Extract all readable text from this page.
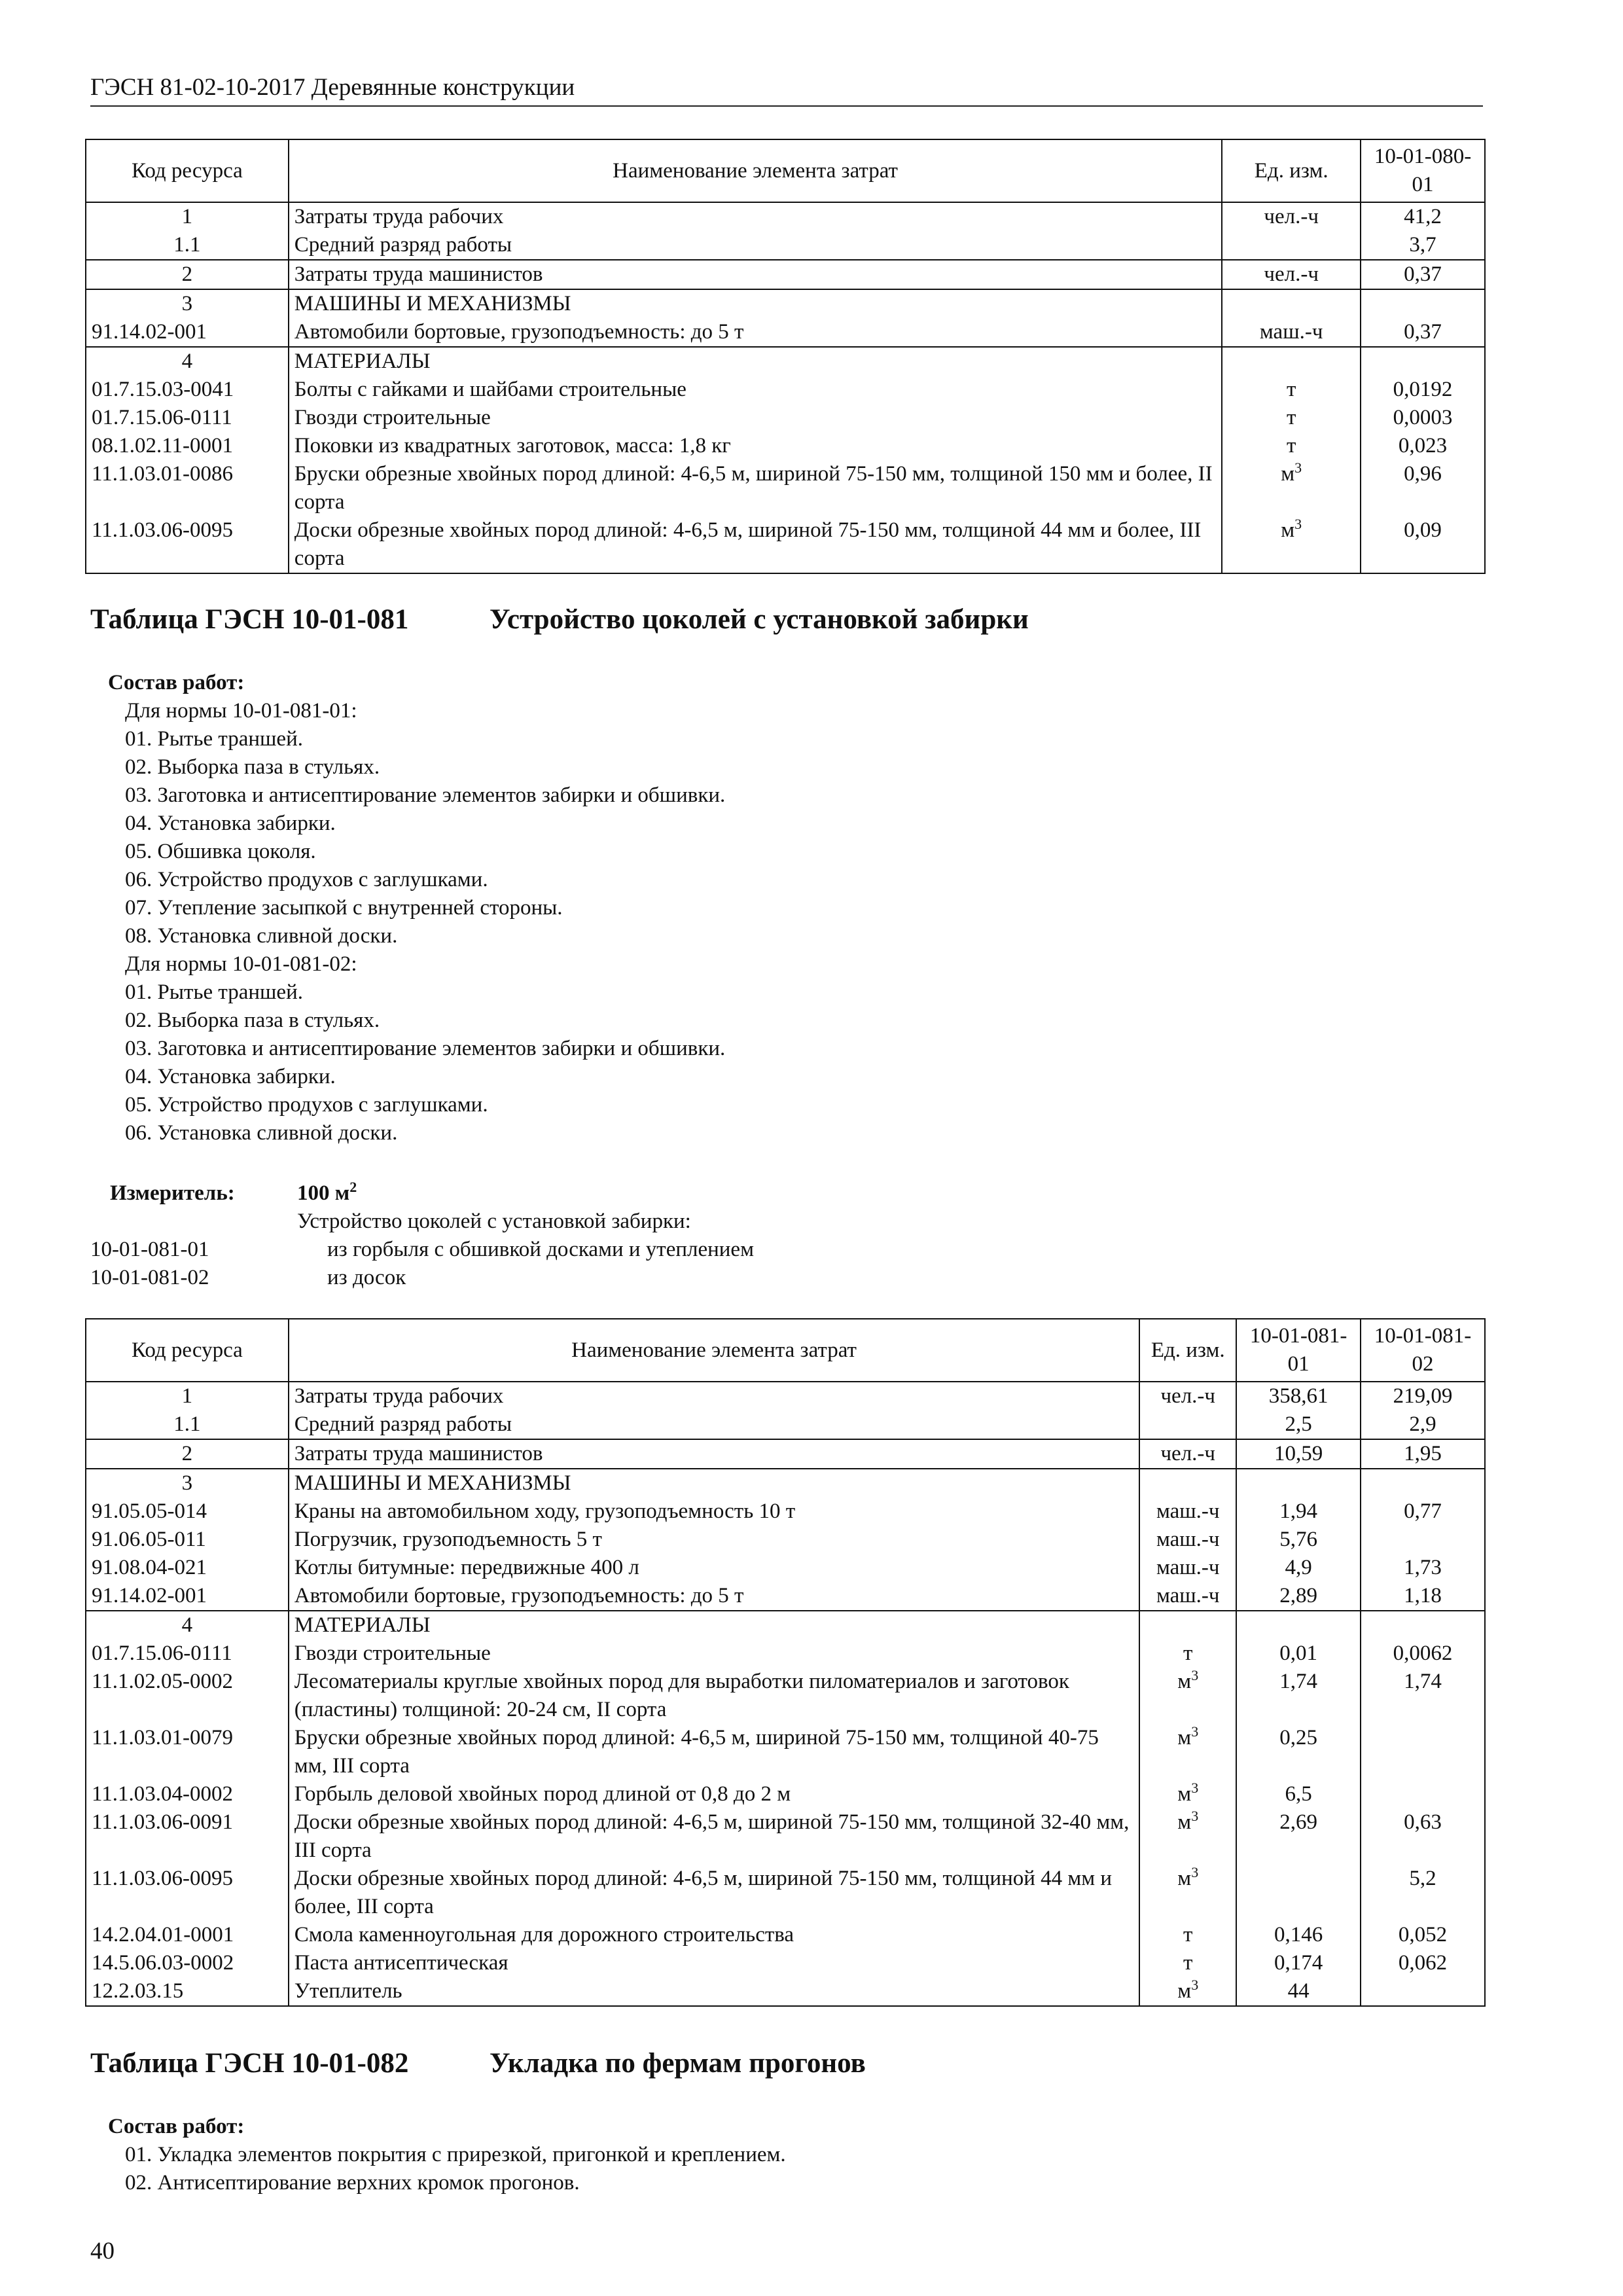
ГЭСН 81-02-10-2017 Деревянные конструкции
Код ресурса	Наименование элемента затрат	Ед. изм.	10-01-080-01
1	Затраты труда рабочих	чел.-ч	41,2
1.1	Средний разряд работы		3,7
2	Затраты труда машинистов	чел.-ч	0,37
3	МАШИНЫ И МЕХАНИЗМЫ		
91.14.02-001	Автомобили бортовые, грузоподъемность: до 5 т	маш.-ч	0,37
4	МАТЕРИАЛЫ		
01.7.15.03-0041	Болты с гайками и шайбами строительные	т	0,0192
01.7.15.06-0111	Гвозди строительные	т	0,0003
08.1.02.11-0001	Поковки из квадратных заготовок, масса: 1,8 кг	т	0,023
11.1.03.01-0086	Бруски обрезные хвойных пород длиной: 4-6,5 м, шириной 75-150 мм, толщиной 150 мм и более, II сорта	$м^3$	0,96
11.1.03.06-0095	Доски обрезные хвойных пород длиной: 4-6,5 м, шириной 75-150 мм, толщиной 44 мм и более, III сорта	$м^3$	0,09
Таблица ГЭСН 10-01-081	Устройство цоколей с установкой забирки
Состав работ:
Для нормы 10-01-081-01:
01. Рытье траншей.
02. Выборка паза в стульях.
03. Заготовка и антисептирование элементов забирки и обшивки.
04. Установка забирки.
05. Обшивка цоколя.
06. Устройство продухов с заглушками.
07. Утепление засыпкой с внутренней стороны.
08. Установка сливной доски.
Для нормы 10-01-081-02:
01. Рытье траншей.
02. Выборка паза в стульях.
03. Заготовка и антисептирование элементов забирки и обшивки.
04. Установка забирки.
05. Устройство продухов с заглушками.
06. Установка сливной доски.
Измеритель:	100 $м^2$
Устройство цоколей с установкой забирки:
10-01-081-01	из горбыля с обшивкой досками и утеплением
10-01-081-02	из досок
Код ресурса	Наименование элемента затрат	Ед. изм.	10-01-081-01	10-01-081-02
1	Затраты труда рабочих	чел.-ч	358,61	219,09
1.1	Средний разряд работы		2,5	2,9
2	Затраты труда машинистов	чел.-ч	10,59	1,95
3	МАШИНЫ И МЕХАНИЗМЫ			
91.05.05-014	Краны на автомобильном ходу, грузоподъемность 10 т	маш.-ч	1,94	0,77
91.06.05-011	Погрузчик, грузоподъемность 5 т	маш.-ч	5,76	
91.08.04-021	Котлы битумные: передвижные 400 л	маш.-ч	4,9	1,73
91.14.02-001	Автомобили бортовые, грузоподъемность: до 5 т	маш.-ч	2,89	1,18
4	МАТЕРИАЛЫ			
01.7.15.06-0111	Гвозди строительные	т	0,01	0,0062
11.1.02.05-0002	Лесоматериалы круглые хвойных пород для выработки пиломатериалов и заготовок (пластины) толщиной: 20-24 см, II сорта	$м^3$	1,74	1,74
11.1.03.01-0079	Бруски обрезные хвойных пород длиной: 4-6,5 м, шириной 75-150 мм, толщиной 40-75 мм, III сорта	$м^3$	0,25	
11.1.03.04-0002	Горбыль деловой хвойных пород длиной от 0,8 до 2 м	$м^3$	6,5	
11.1.03.06-0091	Доски обрезные хвойных пород длиной: 4-6,5 м, шириной 75-150 мм, толщиной 32-40 мм, III сорта	$м^3$	2,69	0,63
11.1.03.06-0095	Доски обрезные хвойных пород длиной: 4-6,5 м, шириной 75-150 мм, толщиной 44 мм и более, III сорта	$м^3$		5,2
14.2.04.01-0001	Смола каменноугольная для дорожного строительства	т	0,146	0,052
14.5.06.03-0002	Паста антисептическая	т	0,174	0,062
12.2.03.15	Утеплитель	$м^3$	44	
Таблица ГЭСН 10-01-082	Укладка по фермам прогонов
Состав работ:
01. Укладка элементов покрытия с прирезкой, пригонкой и креплением.
02. Антисептирование верхних кромок прогонов.
40
